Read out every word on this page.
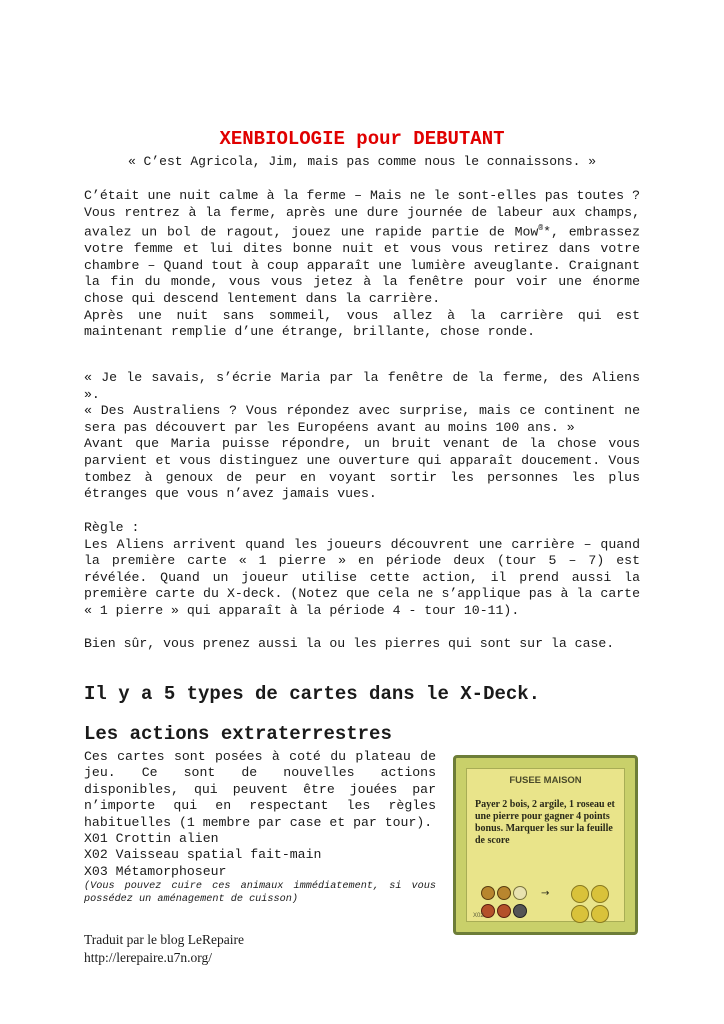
XENBIOLOGIE pour DEBUTANT
« C’est Agricola, Jim, mais pas comme nous le connaissons. »

C’était une nuit calme à la ferme – Mais ne le sont-elles pas toutes ? Vous rentrez à la ferme, après une dure journée de labeur aux champs, avalez un bol de ragout, jouez une rapide partie de Mow®*, embrassez votre femme et lui dites bonne nuit et vous vous retirez dans votre chambre – Quand tout à coup apparaît une lumière aveuglante. Craignant la fin du monde, vous vous jetez à la fenêtre pour voir une énorme chose qui descend lentement dans la carrière.

Après une nuit sans sommeil, vous allez à la carrière qui est maintenant remplie d’une étrange, brillante, chose ronde.

« Je le savais, s’écrie Maria par la fenêtre de la ferme, des Aliens ».

« Des Australiens ? Vous répondez avec surprise, mais ce continent ne sera pas découvert par les Européens avant au moins 100 ans. »

Avant que Maria puisse répondre, un bruit venant de la chose vous parvient et vous distinguez une ouverture qui apparaît doucement. Vous tombez à genoux de peur en voyant sortir les personnes les plus étranges que vous n’avez jamais vues.

Règle :

Les Aliens arrivent quand les joueurs découvrent une carrière – quand la première carte « 1 pierre » en période deux (tour 5 – 7) est révélée. Quand un joueur utilise cette action, il prend aussi la première carte du X-deck. (Notez que cela ne s’applique pas à la carte « 1 pierre » qui apparaît à la période 4 - tour 10-11).

Bien sûr, vous prenez aussi la ou les pierres qui sont sur la case.

Il y a 5 types de cartes dans le X-Deck.
Les actions extraterrestres

Ces cartes sont posées à coté du plateau de jeu. Ce sont de nouvelles actions disponibles, qui peuvent être jouées par n’importe qui en respectant les règles habituelles (1 membre par case et par tour).

X01 Crottin alien

X02 Vaisseau spatial fait-main

X03 Métamorphoseur

(Vous pouvez cuire ces animaux immédiatement, si vous possédez un aménagement de cuisson)

FUSEE MAISON
Payer 2 bois, 2 argile, 1 roseau et une pierre pour gagner 4 points bonus. Marquer les sur la feuille de score
→
X02
Traduit par le blog LeRepaire
http://lerepaire.u7n.org/
